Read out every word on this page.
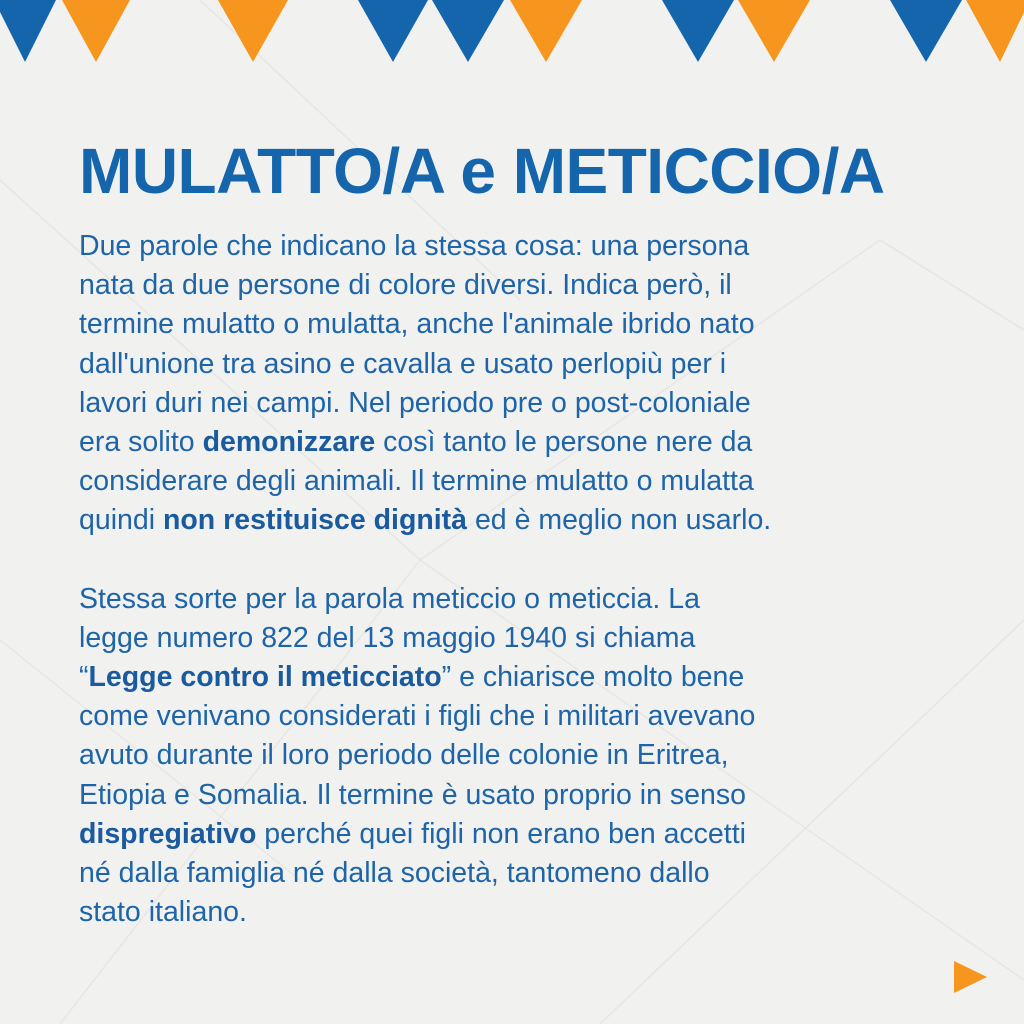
MULATTO/A e METICCIO/A

Due parole che indicano la stessa cosa: una persona
nata da due persone di colore diversi. Indica però, il
termine mulatto o mulatta, anche l'animale ibrido nato
dall'unione tra asino e cavalla e usato perlopiù per i
lavori duri nei campi. Nel periodo pre o post-coloniale
era solito demonizzare così tanto le persone nere da
considerare degli animali. Il termine mulatto o mulatta
quindi non restituisce dignità ed è meglio non usarlo.

Stessa sorte per la parola meticcio o meticcia. La
legge numero 822 del 13 maggio 1940 si chiama
“Legge contro il meticciato” e chiarisce molto bene
come venivano considerati i figli che i militari avevano
avuto durante il loro periodo delle colonie in Eritrea,
Etiopia e Somalia. Il termine è usato proprio in senso
dispregiativo perché quei figli non erano ben accetti
né dalla famiglia né dalla società, tantomeno dallo
stato italiano.
